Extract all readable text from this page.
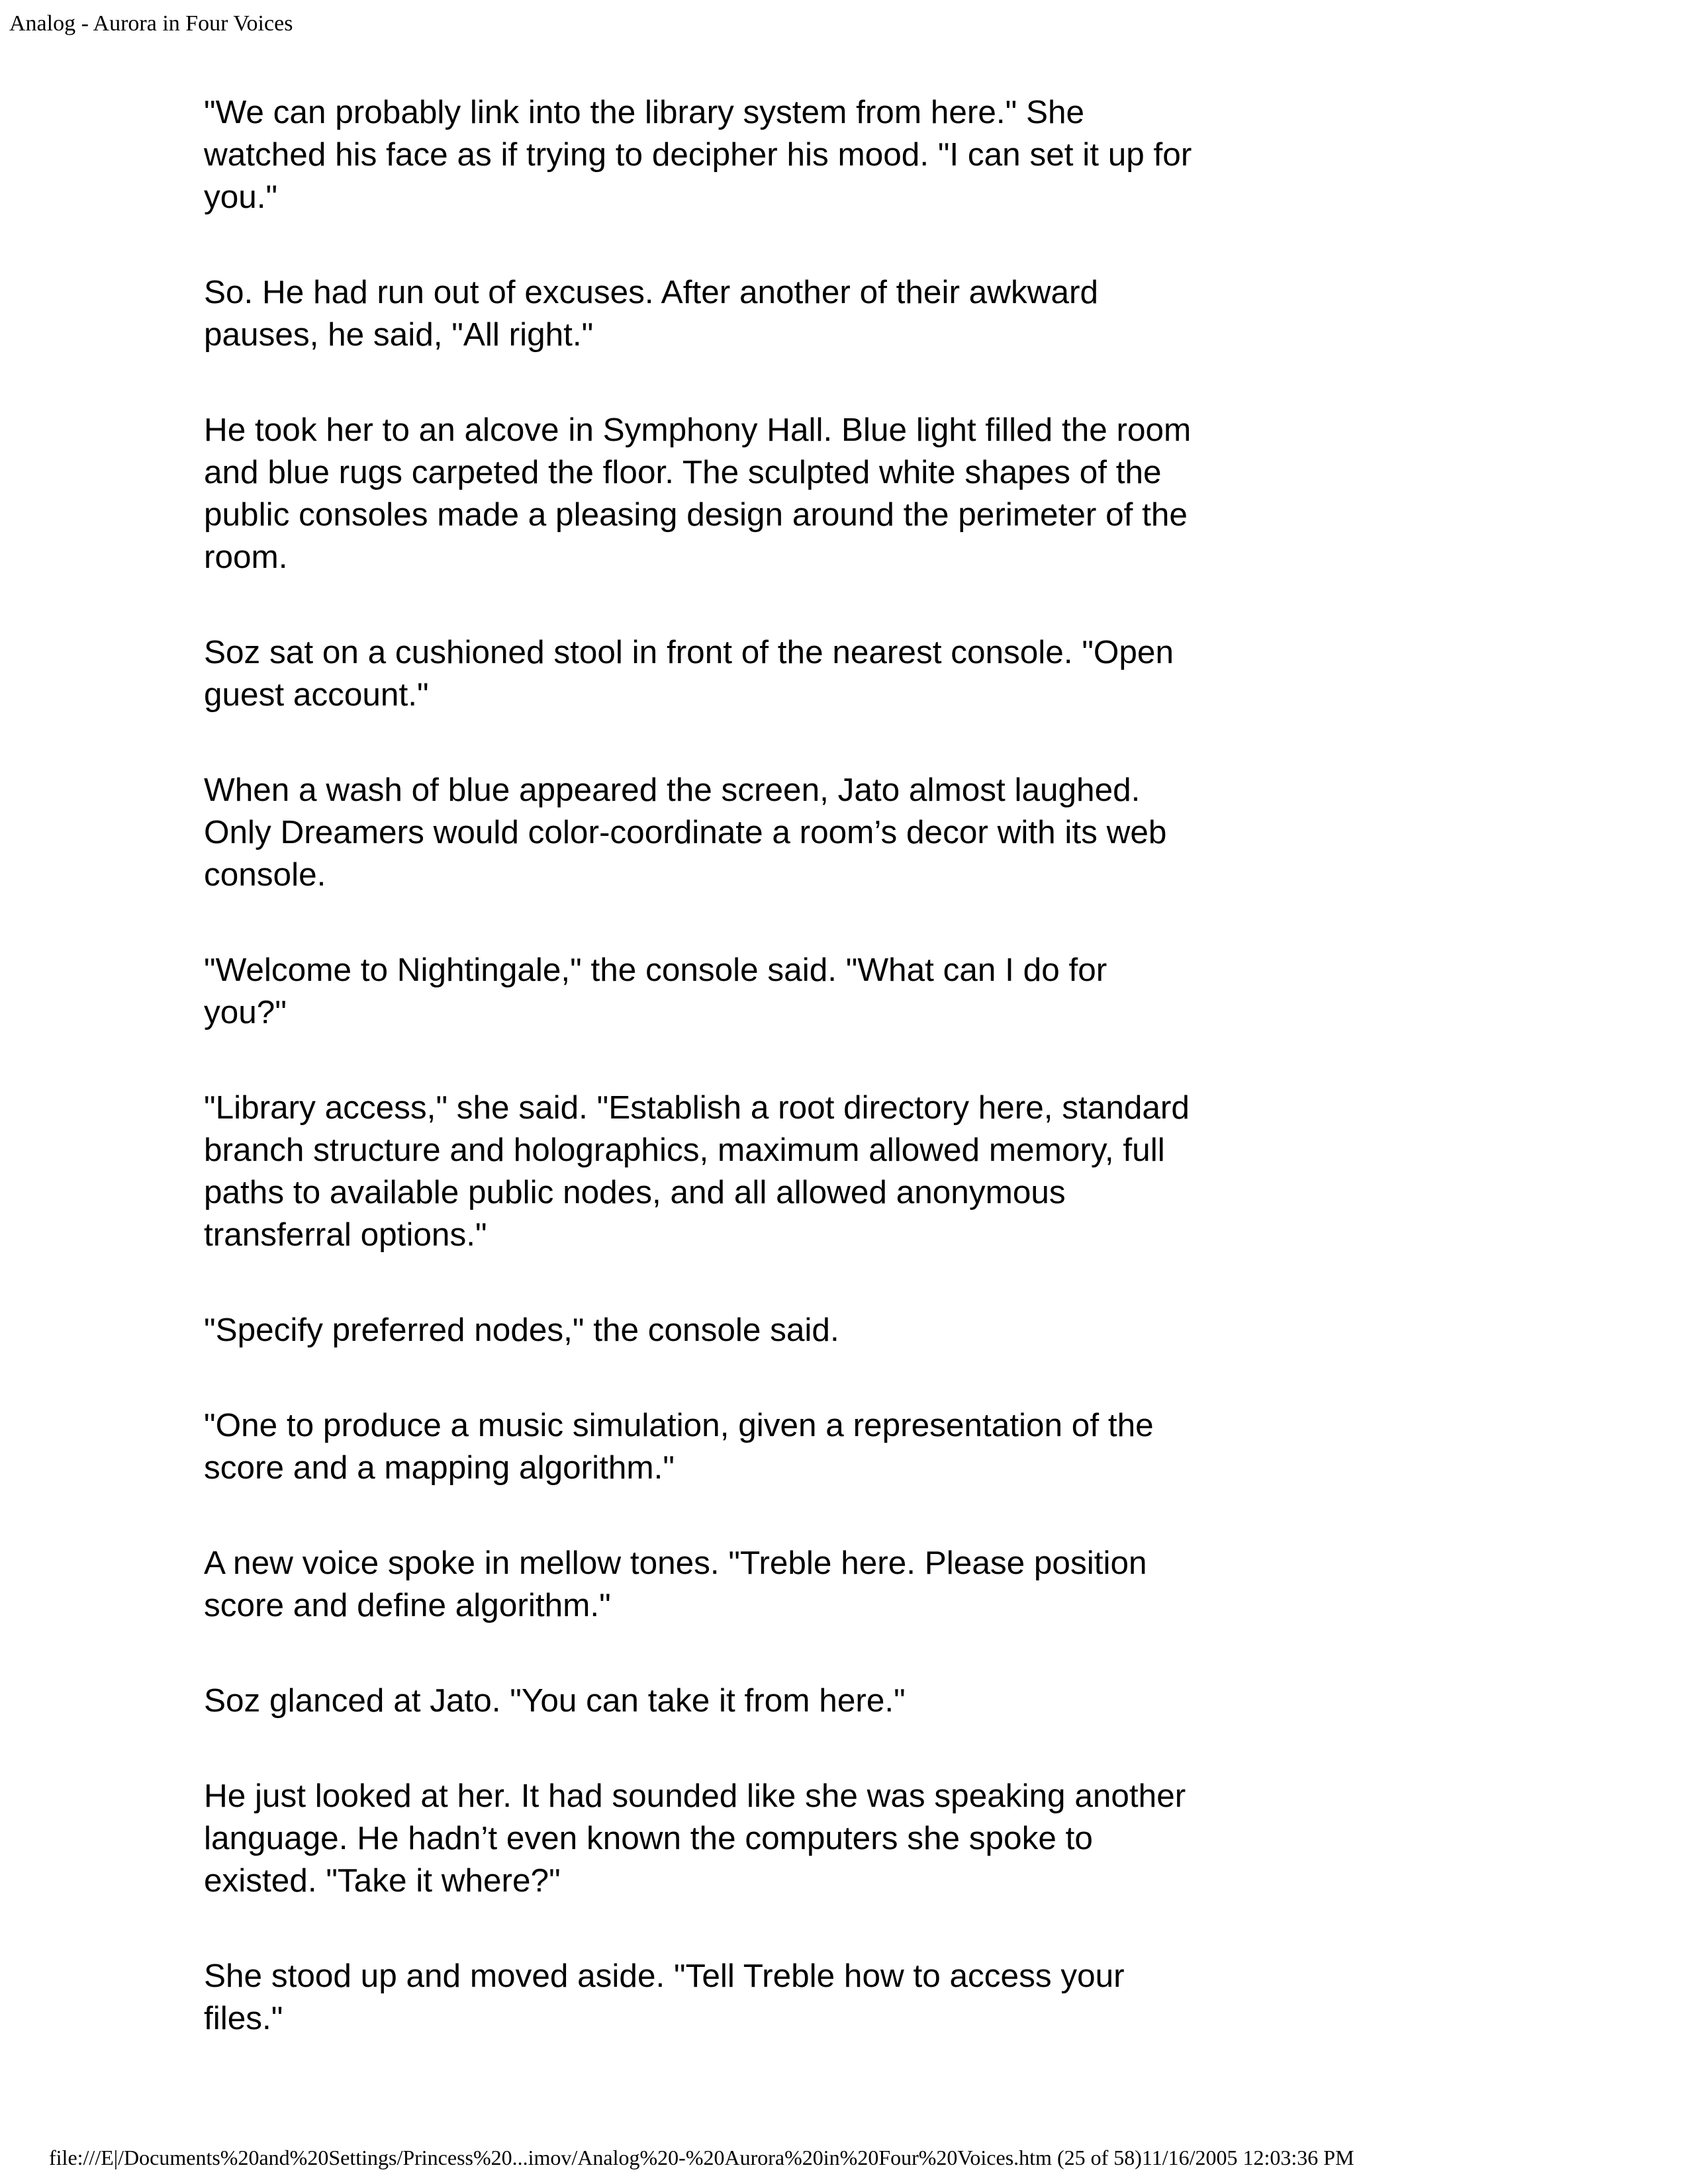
Analog - Aurora in Four Voices

"We can probably link into the library system from here." She watched his face as if trying to decipher his mood. "I can set it up for you."

So. He had run out of excuses. After another of their awkward pauses, he said, "All right."

He took her to an alcove in Symphony Hall. Blue light filled the room and blue rugs carpeted the floor. The sculpted white shapes of the public consoles made a pleasing design around the perimeter of the room.

Soz sat on a cushioned stool in front of the nearest console. "Open guest account."

When a wash of blue appeared the screen, Jato almost laughed. Only Dreamers would color-coordinate a room’s decor with its web console.

"Welcome to Nightingale," the console said. "What can I do for you?"

"Library access," she said. "Establish a root directory here, standard branch structure and holographics, maximum allowed memory, full paths to available public nodes, and all allowed anonymous transferral options."

"Specify preferred nodes," the console said.

"One to produce a music simulation, given a representation of the score and a mapping algorithm."

A new voice spoke in mellow tones. "Treble here. Please position score and define algorithm."

Soz glanced at Jato. "You can take it from here."

He just looked at her. It had sounded like she was speaking another language. He hadn’t even known the computers she spoke to existed. "Take it where?"

She stood up and moved aside. "Tell Treble how to access your files."

file:///E|/Documents%20and%20Settings/Princess%20...imov/Analog%20-%20Aurora%20in%20Four%20Voices.htm (25 of 58)11/16/2005 12:03:36 PM
